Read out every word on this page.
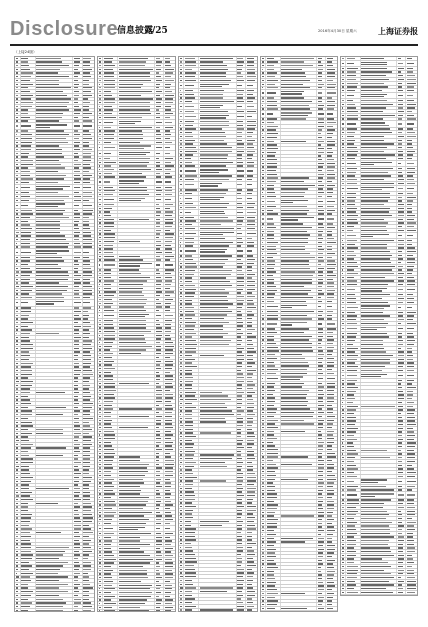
Disclosure
信息披露
/25	2016年4月30日 星期六	上海证券报
（上接24版）
